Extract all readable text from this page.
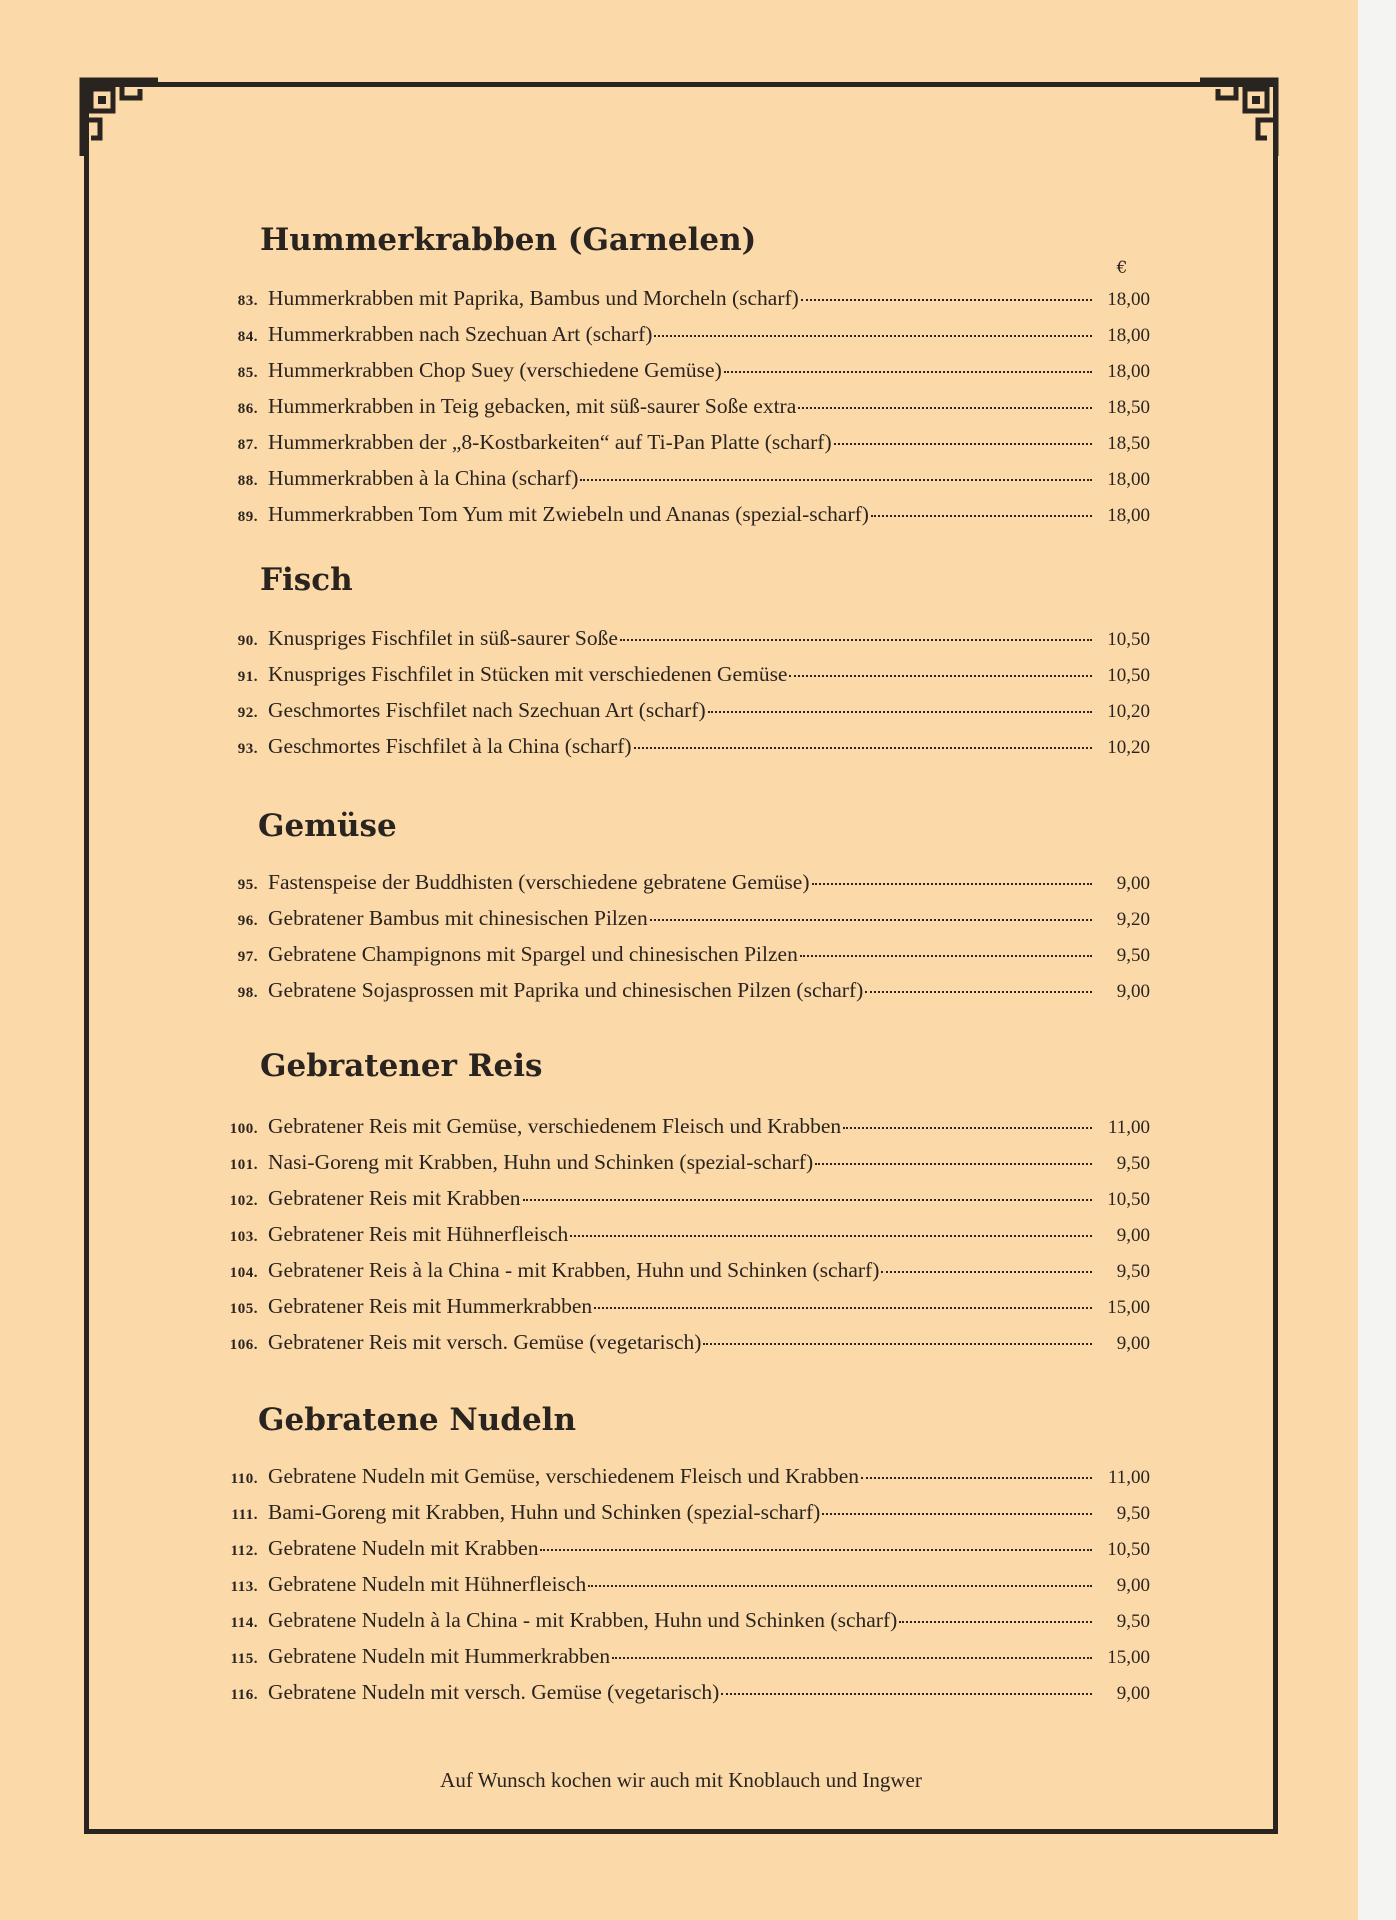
€
Hummerkrabben (Garnelen)
83. Hummerkrabben mit Paprika, Bambus und Morcheln (scharf)	18,00
84. Hummerkrabben nach Szechuan Art (scharf)	18,00
85. Hummerkrabben Chop Suey (verschiedene Gemüse)	18,00
86. Hummerkrabben in Teig gebacken, mit süß-saurer Soße extra	18,50
87. Hummerkrabben der „8-Kostbarkeiten“ auf Ti-Pan Platte (scharf)	18,50
88. Hummerkrabben à la China (scharf)	18,00
89. Hummerkrabben Tom Yum mit Zwiebeln und Ananas (spezial-scharf)	18,00
Fisch
90. Knuspriges Fischfilet in süß-saurer Soße	10,50
91. Knuspriges Fischfilet in Stücken mit verschiedenen Gemüse	10,50
92. Geschmortes Fischfilet nach Szechuan Art (scharf)	10,20
93. Geschmortes Fischfilet à la China (scharf)	10,20
Gemüse
95. Fastenspeise der Buddhisten (verschiedene gebratene Gemüse)	9,00
96. Gebratener Bambus mit chinesischen Pilzen	9,20
97. Gebratene Champignons mit Spargel und chinesischen Pilzen	9,50
98. Gebratene Sojasprossen mit Paprika und chinesischen Pilzen (scharf)	9,00
Gebratener Reis
100. Gebratener Reis mit Gemüse, verschiedenem Fleisch und Krabben	11,00
101. Nasi-Goreng mit Krabben, Huhn und Schinken (spezial-scharf)	9,50
102. Gebratener Reis mit Krabben	10,50
103. Gebratener Reis mit Hühnerfleisch	9,00
104. Gebratener Reis à la China - mit Krabben, Huhn und Schinken (scharf)	9,50
105. Gebratener Reis mit Hummerkrabben	15,00
106. Gebratener Reis mit versch. Gemüse (vegetarisch)	9,00
Gebratene Nudeln
110. Gebratene Nudeln mit Gemüse, verschiedenem Fleisch und Krabben	11,00
111. Bami-Goreng mit Krabben, Huhn und Schinken (spezial-scharf)	9,50
112. Gebratene Nudeln mit Krabben	10,50
113. Gebratene Nudeln mit Hühnerfleisch	9,00
114. Gebratene Nudeln à la China - mit Krabben, Huhn und Schinken (scharf)	9,50
115. Gebratene Nudeln mit Hummerkrabben	15,00
116. Gebratene Nudeln mit versch. Gemüse (vegetarisch)	9,00
Auf Wunsch kochen wir auch mit Knoblauch und Ingwer
